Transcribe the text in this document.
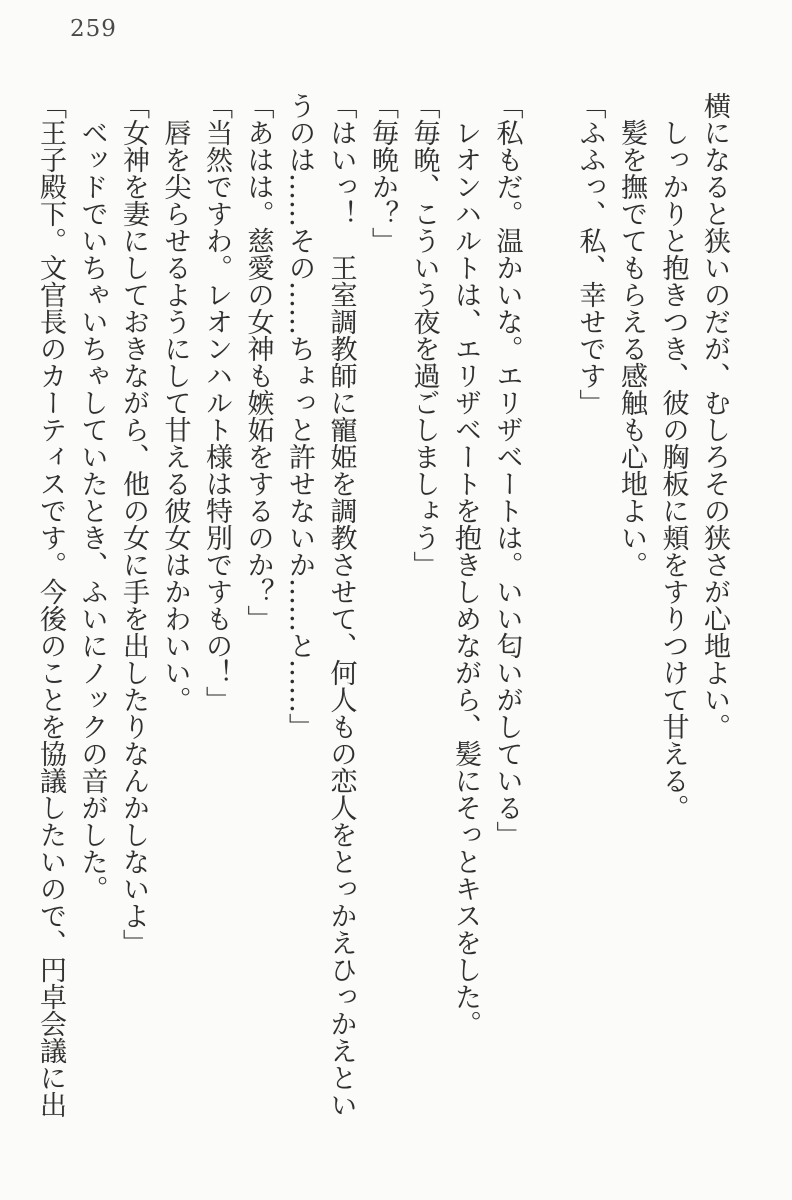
259

横になると狭いのだが、むしろその狭さが心地よい。

　しっかりと抱きつき、彼の胸板に頬をすりつけて甘える。

　髪を撫でてもらえる感触も心地よい。

「ふふっ、私、幸せです」

「私もだ。温かいな。エリザベートは。いい匂いがしている」

　レオンハルトは、エリザベートを抱きしめながら、髪にそっとキスをした。

「毎晩、こういう夜を過ごしましょう」

「毎晩か？」

「はいっ！　王室調教師に寵姫を調教させて、何人もの恋人をとっかえひっかえとい

うのは……その……ちょっと許せないか……と……」

「あはは。慈愛の女神も嫉妬をするのか？」

「当然ですわ。レオンハルト様は特別ですもの！」

　唇を尖らせるようにして甘える彼女はかわいい。

「女神を妻にしておきながら、他の女に手を出したりなんかしないよ」

　ベッドでいちゃいちゃしていたとき、ふいにノックの音がした。

「王子殿下。文官長のカーティスです。今後のことを協議したいので、円卓会議に出
